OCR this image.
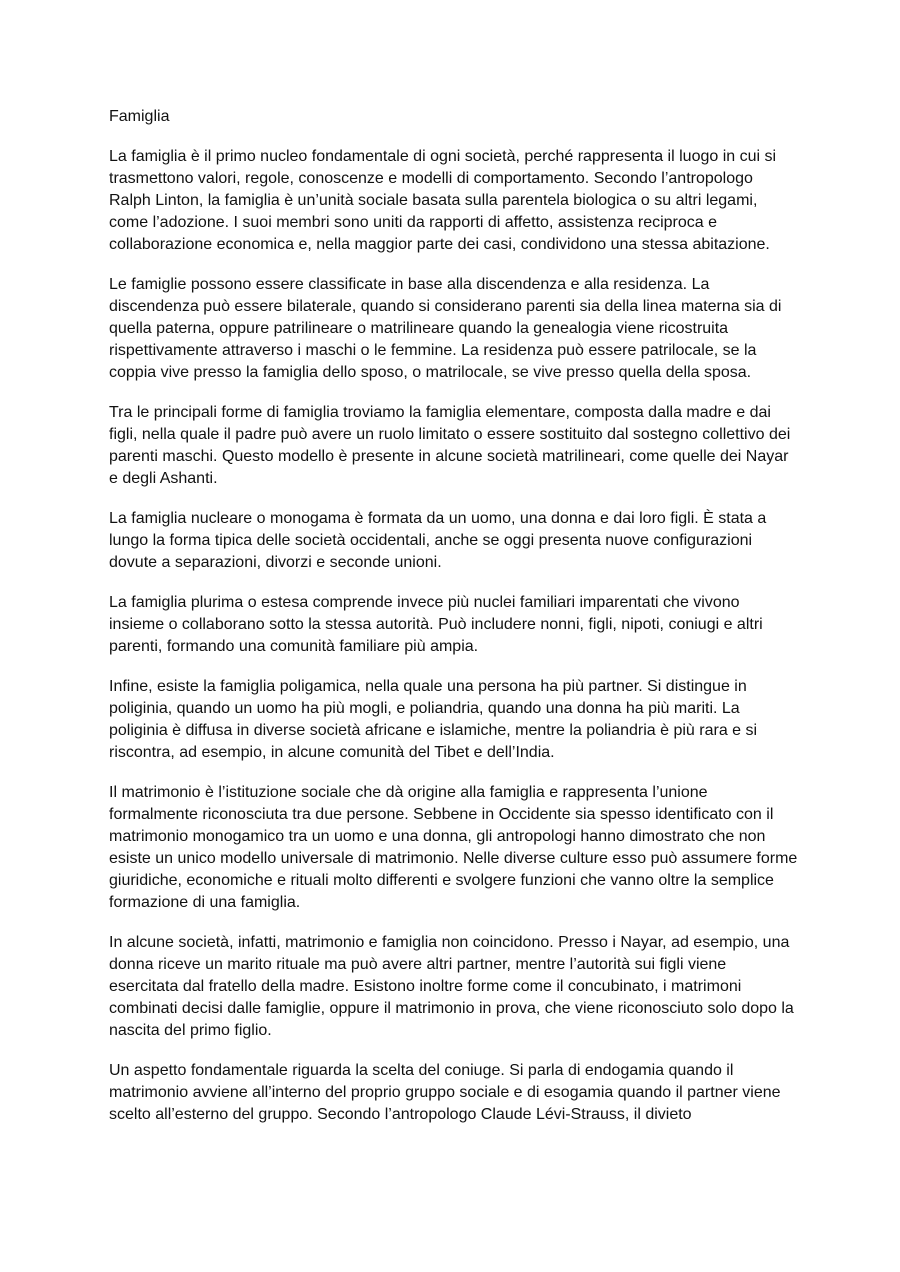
Famiglia

La famiglia è il primo nucleo fondamentale di ogni società, perché rappresenta il luogo in cui si trasmettono valori, regole, conoscenze e modelli di comportamento. Secondo l’antropologo Ralph Linton, la famiglia è un’unità sociale basata sulla parentela biologica o su altri legami, come l’adozione. I suoi membri sono uniti da rapporti di affetto, assistenza reciproca e collaborazione economica e, nella maggior parte dei casi, condividono una stessa abitazione.

Le famiglie possono essere classificate in base alla discendenza e alla residenza. La discendenza può essere bilaterale, quando si considerano parenti sia della linea materna sia di quella paterna, oppure patrilineare o matrilineare quando la genealogia viene ricostruita rispettivamente attraverso i maschi o le femmine. La residenza può essere patrilocale, se la coppia vive presso la famiglia dello sposo, o matrilocale, se vive presso quella della sposa.

Tra le principali forme di famiglia troviamo la famiglia elementare, composta dalla madre e dai figli, nella quale il padre può avere un ruolo limitato o essere sostituito dal sostegno collettivo dei parenti maschi. Questo modello è presente in alcune società matrilineari, come quelle dei Nayar e degli Ashanti.

La famiglia nucleare o monogama è formata da un uomo, una donna e dai loro figli. È stata a lungo la forma tipica delle società occidentali, anche se oggi presenta nuove configurazioni dovute a separazioni, divorzi e seconde unioni.

La famiglia plurima o estesa comprende invece più nuclei familiari imparentati che vivono insieme o collaborano sotto la stessa autorità. Può includere nonni, figli, nipoti, coniugi e altri parenti, formando una comunità familiare più ampia.

Infine, esiste la famiglia poligamica, nella quale una persona ha più partner. Si distingue in poliginia, quando un uomo ha più mogli, e poliandria, quando una donna ha più mariti. La poliginia è diffusa in diverse società africane e islamiche, mentre la poliandria è più rara e si riscontra, ad esempio, in alcune comunità del Tibet e dell’India.

Il matrimonio è l’istituzione sociale che dà origine alla famiglia e rappresenta l’unione formalmente riconosciuta tra due persone. Sebbene in Occidente sia spesso identificato con il matrimonio monogamico tra un uomo e una donna, gli antropologi hanno dimostrato che non esiste un unico modello universale di matrimonio. Nelle diverse culture esso può assumere forme giuridiche, economiche e rituali molto differenti e svolgere funzioni che vanno oltre la semplice formazione di una famiglia.

In alcune società, infatti, matrimonio e famiglia non coincidono. Presso i Nayar, ad esempio, una donna riceve un marito rituale ma può avere altri partner, mentre l’autorità sui figli viene esercitata dal fratello della madre. Esistono inoltre forme come il concubinato, i matrimoni combinati decisi dalle famiglie, oppure il matrimonio in prova, che viene riconosciuto solo dopo la nascita del primo figlio.

Un aspetto fondamentale riguarda la scelta del coniuge. Si parla di endogamia quando il matrimonio avviene all’interno del proprio gruppo sociale e di esogamia quando il partner viene scelto all’esterno del gruppo. Secondo l’antropologo Claude Lévi-Strauss, il divieto
